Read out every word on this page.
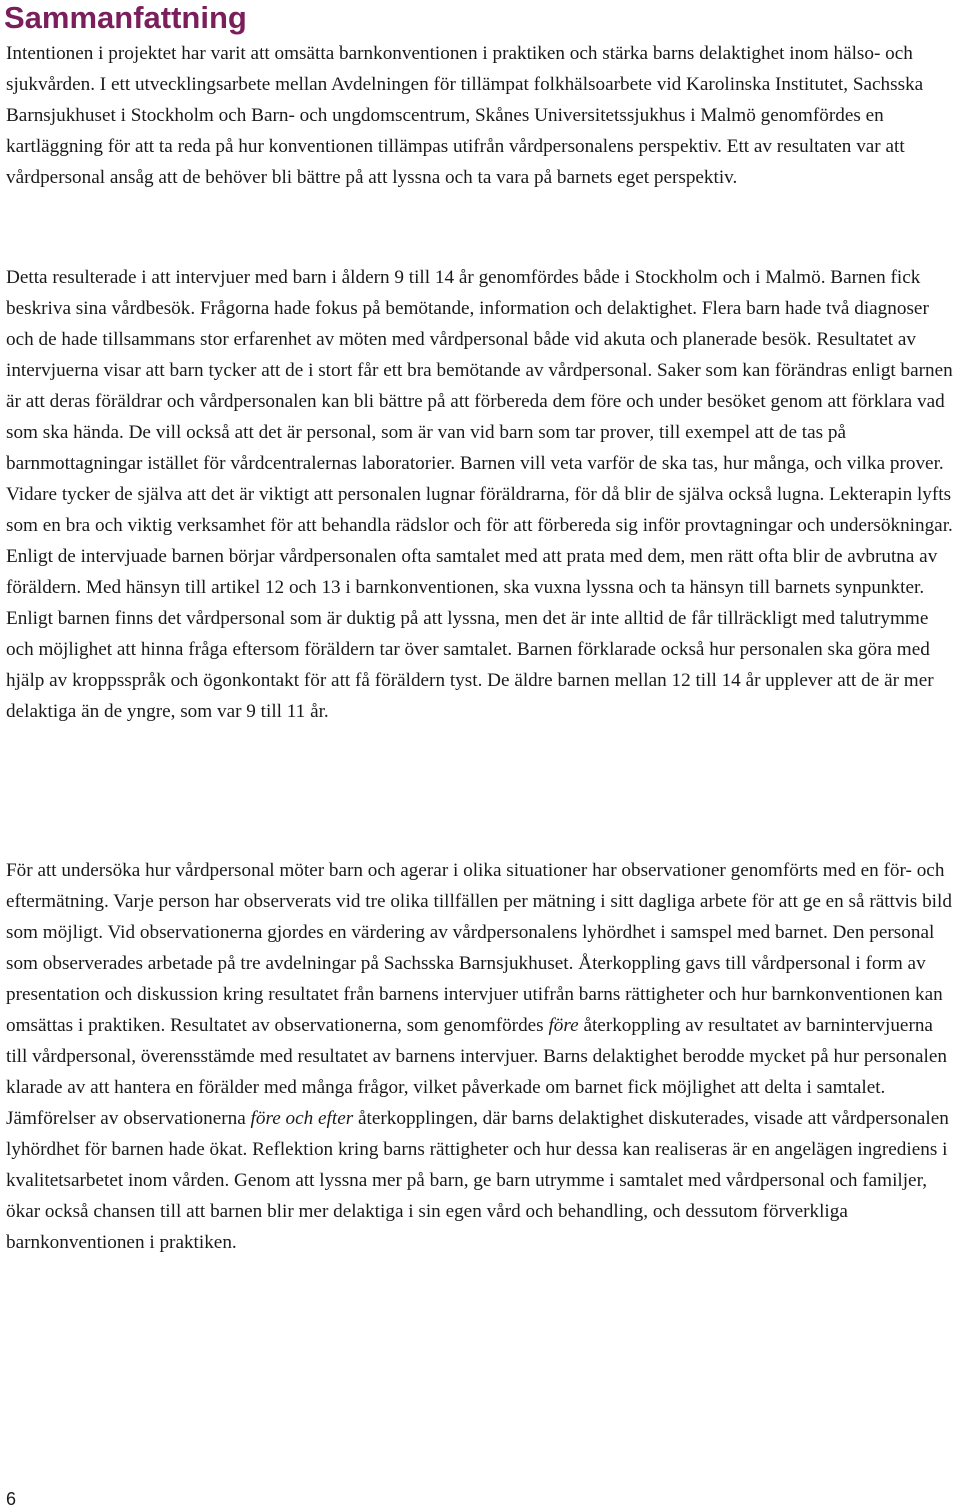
Sammanfattning

Intentionen i projektet har varit att omsätta barnkonventionen i praktiken och stärka barns delaktighet inom hälso- och sjukvården. I ett utvecklingsarbete mellan Avdelningen för tillämpat folkhälsoarbete vid Karolinska Institutet, Sachsska Barnsjukhuset i Stockholm och Barn- och ungdomscentrum, Skånes Universitetssjukhus i Malmö genomfördes en kartläggning för att ta reda på hur konventionen tillämpas utifrån vårdpersonalens perspektiv. Ett av resultaten var att vårdpersonal ansåg att de behöver bli bättre på att lyssna och ta vara på barnets eget perspektiv.

Detta resulterade i att intervjuer med barn i åldern 9 till 14 år genomfördes både i Stockholm och i Malmö. Barnen fick beskriva sina vårdbesök. Frågorna hade fokus på bemötande, information och delaktighet. Flera barn hade två diagnoser och de hade tillsammans stor erfarenhet av möten med vårdpersonal både vid akuta och planerade besök. Resultatet av intervjuerna visar att barn tycker att de i stort får ett bra bemötande av vårdpersonal. Saker som kan förändras enligt barnen är att deras föräldrar och vårdpersonalen kan bli bättre på att förbereda dem före och under besöket genom att förklara vad som ska hända. De vill också att det är personal, som är van vid barn som tar prover, till exempel att de tas på barnmottagningar istället för vårdcentralernas laboratorier. Barnen vill veta varför de ska tas, hur många, och vilka prover. Vidare tycker de själva att det är viktigt att personalen lugnar föräldrarna, för då blir de själva också lugna. Lekterapin lyfts som en bra och viktig verksamhet för att behandla rädslor och för att förbereda sig inför provtagningar och undersökningar. Enligt de intervjuade barnen börjar vårdpersonalen ofta samtalet med att prata med dem, men rätt ofta blir de avbrutna av föräldern. Med hänsyn till artikel 12 och 13 i barnkonventionen, ska vuxna lyssna och ta hänsyn till barnets synpunkter. Enligt barnen finns det vårdpersonal som är duktig på att lyssna, men det är inte alltid de får tillräckligt med talutrymme och möjlighet att hinna fråga eftersom föräldern tar över samtalet. Barnen förklarade också hur personalen ska göra med hjälp av kroppsspråk och ögonkontakt för att få föräldern tyst. De äldre barnen mellan 12 till 14 år upplever att de är mer delaktiga än de yngre, som var 9 till 11 år.

För att undersöka hur vårdpersonal möter barn och agerar i olika situationer har observationer genomförts med en för- och eftermätning. Varje person har observerats vid tre olika tillfällen per mätning i sitt dagliga arbete för att ge en så rättvis bild som möjligt. Vid observationerna gjordes en värdering av vårdpersonalens lyhördhet i samspel med barnet. Den personal som observerades arbetade på tre avdelningar på Sachsska Barnsjukhuset. Återkoppling gavs till vårdpersonal i form av presentation och diskussion kring resultatet från barnens intervjuer utifrån barns rättigheter och hur barnkonventionen kan omsättas i praktiken. Resultatet av observationerna, som genomfördes före återkoppling av resultatet av barnintervjuerna till vårdpersonal, överensstämde med resultatet av barnens intervjuer. Barns delaktighet berodde mycket på hur personalen klarade av att hantera en förälder med många frågor, vilket påverkade om barnet fick möjlighet att delta i samtalet. Jämförelser av observationerna före och efter återkopplingen, där barns delaktighet diskuterades, visade att vårdpersonalen lyhördhet för barnen hade ökat. Reflektion kring barns rättigheter och hur dessa kan realiseras är en angelägen ingrediens i kvalitetsarbetet inom vården. Genom att lyssna mer på barn, ge barn utrymme i samtalet med vårdpersonal och familjer, ökar också chansen till att barnen blir mer delaktiga i sin egen vård och behandling, och dessutom förverkliga barnkonventionen i praktiken.

6
